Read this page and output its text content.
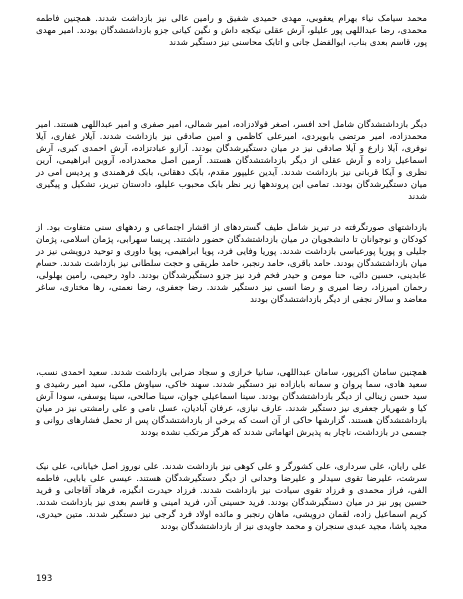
محمد سیامک نیاء بهرام یعقوبی، مهدی حمیدی شفیق و رامین عالی نیز بازداشت شدند. همچنین فاطمه محمدی، رضا عبداللهی پور علیلو، آرش عقلی نیکجه داش و نگین کیانی جزو بازداشتشدگان بودند. امیر مهدی پور، قاسم بعدی بناب، ابوالفضل جانی و اتابک محاسنی نیز دستگیر شدند

دیگر بازداشتشدگان شامل احد افسر، اصغر فولادزاده، امیر شمالی، امیر صفری و امیر عبداللهی هستند. امیر محمدزاده، امیر مرتضی بابویردی، امیرعلی کاظمی و امین صادقی نیز بازداشت شدند. آیلار غفاری، آیلا نوفری، آیلا زارع و آیلا صادقی نیز در میان دستگیرشدگان بودند. آرازو عبادتزاده، آرش احمدی کبری، آرش اسماعیل زاده و آرش عقلی از دیگر بازداشتشدگان هستند. آرمین اصل محمدزاده، آروین ابراهیمی، آرین نظری و آیکا قربانی نیز بازداشت شدند. آیدین علیپور مقدم، بابک دهقانی، بابک فرهمندی و پردیس امی در میان دستگیرشدگان بودند. تمامی این پروندهها زیر نظر بابک محبوب علیلو، دادستان تبریز، تشکیل و پیگیری شدند

بازداشتهای صورتگرفته در تبریز شامل طیف گستردهای از اقشار اجتماعی و ردههای سنی متفاوت بود. از کودکان و نوجوانان تا دانشجویان در میان بازداشتشدگان حضور داشتند. پریسا سهرابی، پژمان اسلامی، پژمان جلیلی و پوریا پورعباسی بازداشت شدند. پوریا وفایی فرد، پویا ابراهیمی، پویا داوری و توحید درویشی نیز در میان بازداشتشدگان بودند. حامد باقری، حامد رنجبر، حامد طریقی و حجت سلطانی نیز بازداشت شدند. حسام عابدینی، حسین دائی، حنا مومن و حیدر فخم فرد نیز جزو دستگیرشدگان بودند. داود رحیمی، رامین بهلولی، رحمان امیرزاد، رضا امیری و رضا انسی نیز دستگیر شدند. رضا جعفری، رضا نعمتی، رها مختاری، ساغر معاضد و سالار نجفی از دیگر بازداشتشدگان بودند

همچنین سامان اکبرپور، سامان عبداللهی، سانیا خرازی و سجاد ضرابی بازداشت شدند. سعید احمدی نسب، سعید هادی، سما پروان و سمانه بابازاده نیز دستگیر شدند. سهند خاکی، سیاوش ملکی، سید امیر رشیدی و سید حسن زینالی از دیگر بازداشتشدگان بودند. سینا اسماعیلی جوان، سینا صالحی، سینا یوسفی، سودا آرش کیا و شهریار جعفری نیز دستگیر شدند. عارف نیازی، عرفان آبادیان، عسل نامی و علی رامشتی نیز در میان بازداشتشدگان هستند. گزارشها حاکی از آن است که برخی از بازداشتشدگان پس از تحمل فشارهای روانی و جسمی در بازداشت، ناچار به پذیرش اتهاماتی شدند که هرگز مرتکب نشده بودند

علی رایان، علی سرداری، علی کشورگر و علی کوهی نیز بازداشت شدند. علی نوروز اصل خیابانی، علی نیک سرشت، علیرضا تقوی سیدلر و علیرضا وحدانی از دیگر دستگیرشدگان هستند. عیسی علی بابایی، فاطمه الفی، فراز محمدی و فرزاد تقوی سیادت نیز بازداشت شدند. فرزاد حیدرت انگیزه، فرهاد آقاجانی و فرید حسین پور نیز در میان دستگیرشدگان بودند. فرید حسینی آذر، فرید امینی و قاسم بعدی نیز بازداشت شدند. کریم اسماعیل زاده، لقمان درویشی، ماهان رنجبر و مائده اولاد فرد گرجی نیز دستگیر شدند. متین حیدری، مجید پاشا، مجید عبدی سنجران و محمد جاویدی نیز از بازداشتشدگان بودند

193
